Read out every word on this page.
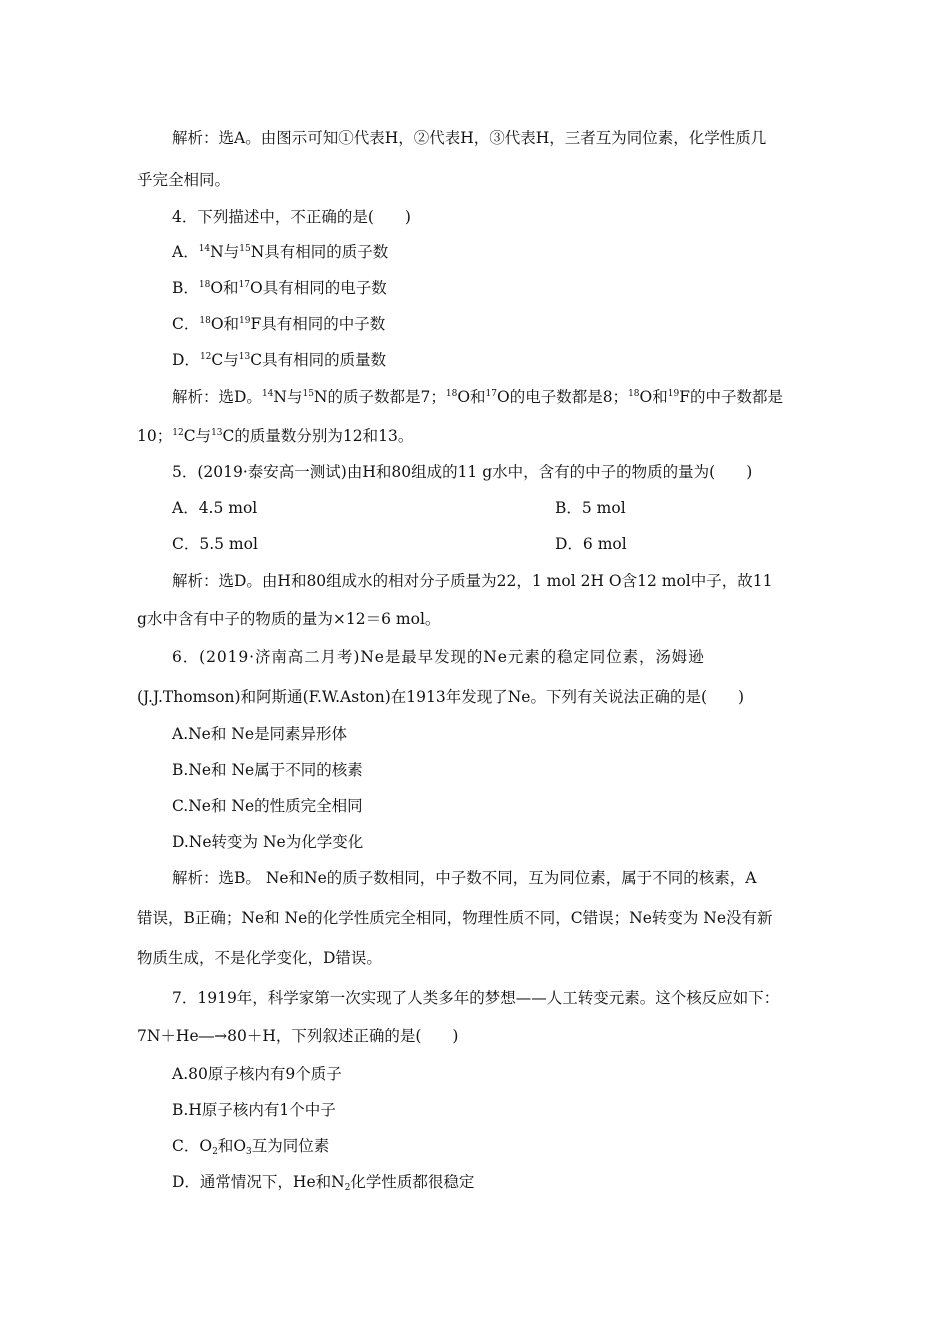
解析：选A。由图示可知①代表H，②代表H，③代表H，三者互为同位素，化学性质几
乎完全相同。
4．下列描述中，不正确的是(　　)
A．$^{14}$N与$^{15}$N具有相同的质子数
B．$^{18}$O和$^{17}$O具有相同的电子数
C．$^{18}$O和$^{19}$F具有相同的中子数
D．$^{12}$C与$^{13}$C具有相同的质量数
解析：选D。$^{14}$N与$^{15}$N的质子数都是7；$^{18}$O和$^{17}$O的电子数都是8；$^{18}$O和$^{19}$F的中子数都是
10；$^{12}$C与$^{13}$C的质量数分别为12和13。
5．(2019·泰安高一测试)由H和80组成的11 g水中，含有的中子的物质的量为(　　)
A．4.5 mol	B．5 mol
C．5.5 mol	D．6 mol
解析：选D。由H和80组成水的相对分子质量为22，1 mol 2H O含12 mol中子，故11
g水中含有中子的物质的量为×12＝6 mol。
6．(2019·济南高二月考)Ne是最早发现的Ne元素的稳定同位素，汤姆逊
(J.J.Thomson)和阿斯通(F.W.Aston)在1913年发现了Ne。下列有关说法正确的是(　　)
A.Ne和 Ne是同素异形体
B.Ne和 Ne属于不同的核素
C.Ne和 Ne的性质完全相同
D.Ne转变为 Ne为化学变化
解析：选B。 Ne和Ne的质子数相同，中子数不同，互为同位素，属于不同的核素，A
错误，B正确；Ne和 Ne的化学性质完全相同，物理性质不同，C错误；Ne转变为 Ne没有新
物质生成，不是化学变化，D错误。
7．1919年，科学家第一次实现了人类多年的梦想——人工转变元素。这个核反应如下：
7N＋He―→80＋H，下列叙述正确的是(　　)
A.80原子核内有9个质子
B.H原子核内有1个中子
C．$O_2$和$O_3$互为同位素
D．通常情况下，He和$N_2$化学性质都很稳定
